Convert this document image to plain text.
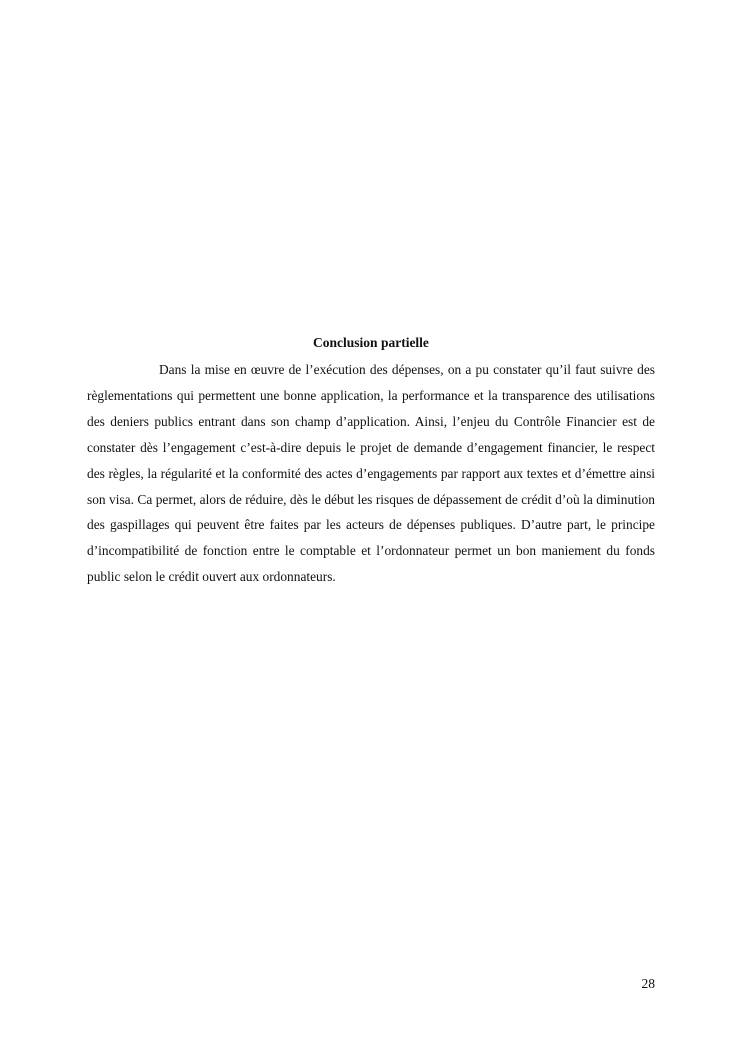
Conclusion partielle

Dans la mise en œuvre de l’exécution des dépenses, on a pu constater qu’il faut suivre des règlementations qui permettent une bonne application, la performance et la transparence des utilisations des deniers publics entrant dans son champ d’application. Ainsi, l’enjeu du Contrôle Financier est de constater dès l’engagement c’est-à-dire depuis le projet de demande d’engagement financier, le respect des règles, la régularité et la conformité des actes d’engagements par rapport aux textes et d’émettre ainsi son visa. Ca permet, alors de réduire, dès le début les risques de dépassement de crédit d’où la diminution des gaspillages qui peuvent être faites par les acteurs de dépenses publiques. D’autre part, le principe d’incompatibilité de fonction entre le comptable et l’ordonnateur permet un bon maniement du fonds public selon le crédit ouvert aux ordonnateurs.

28
